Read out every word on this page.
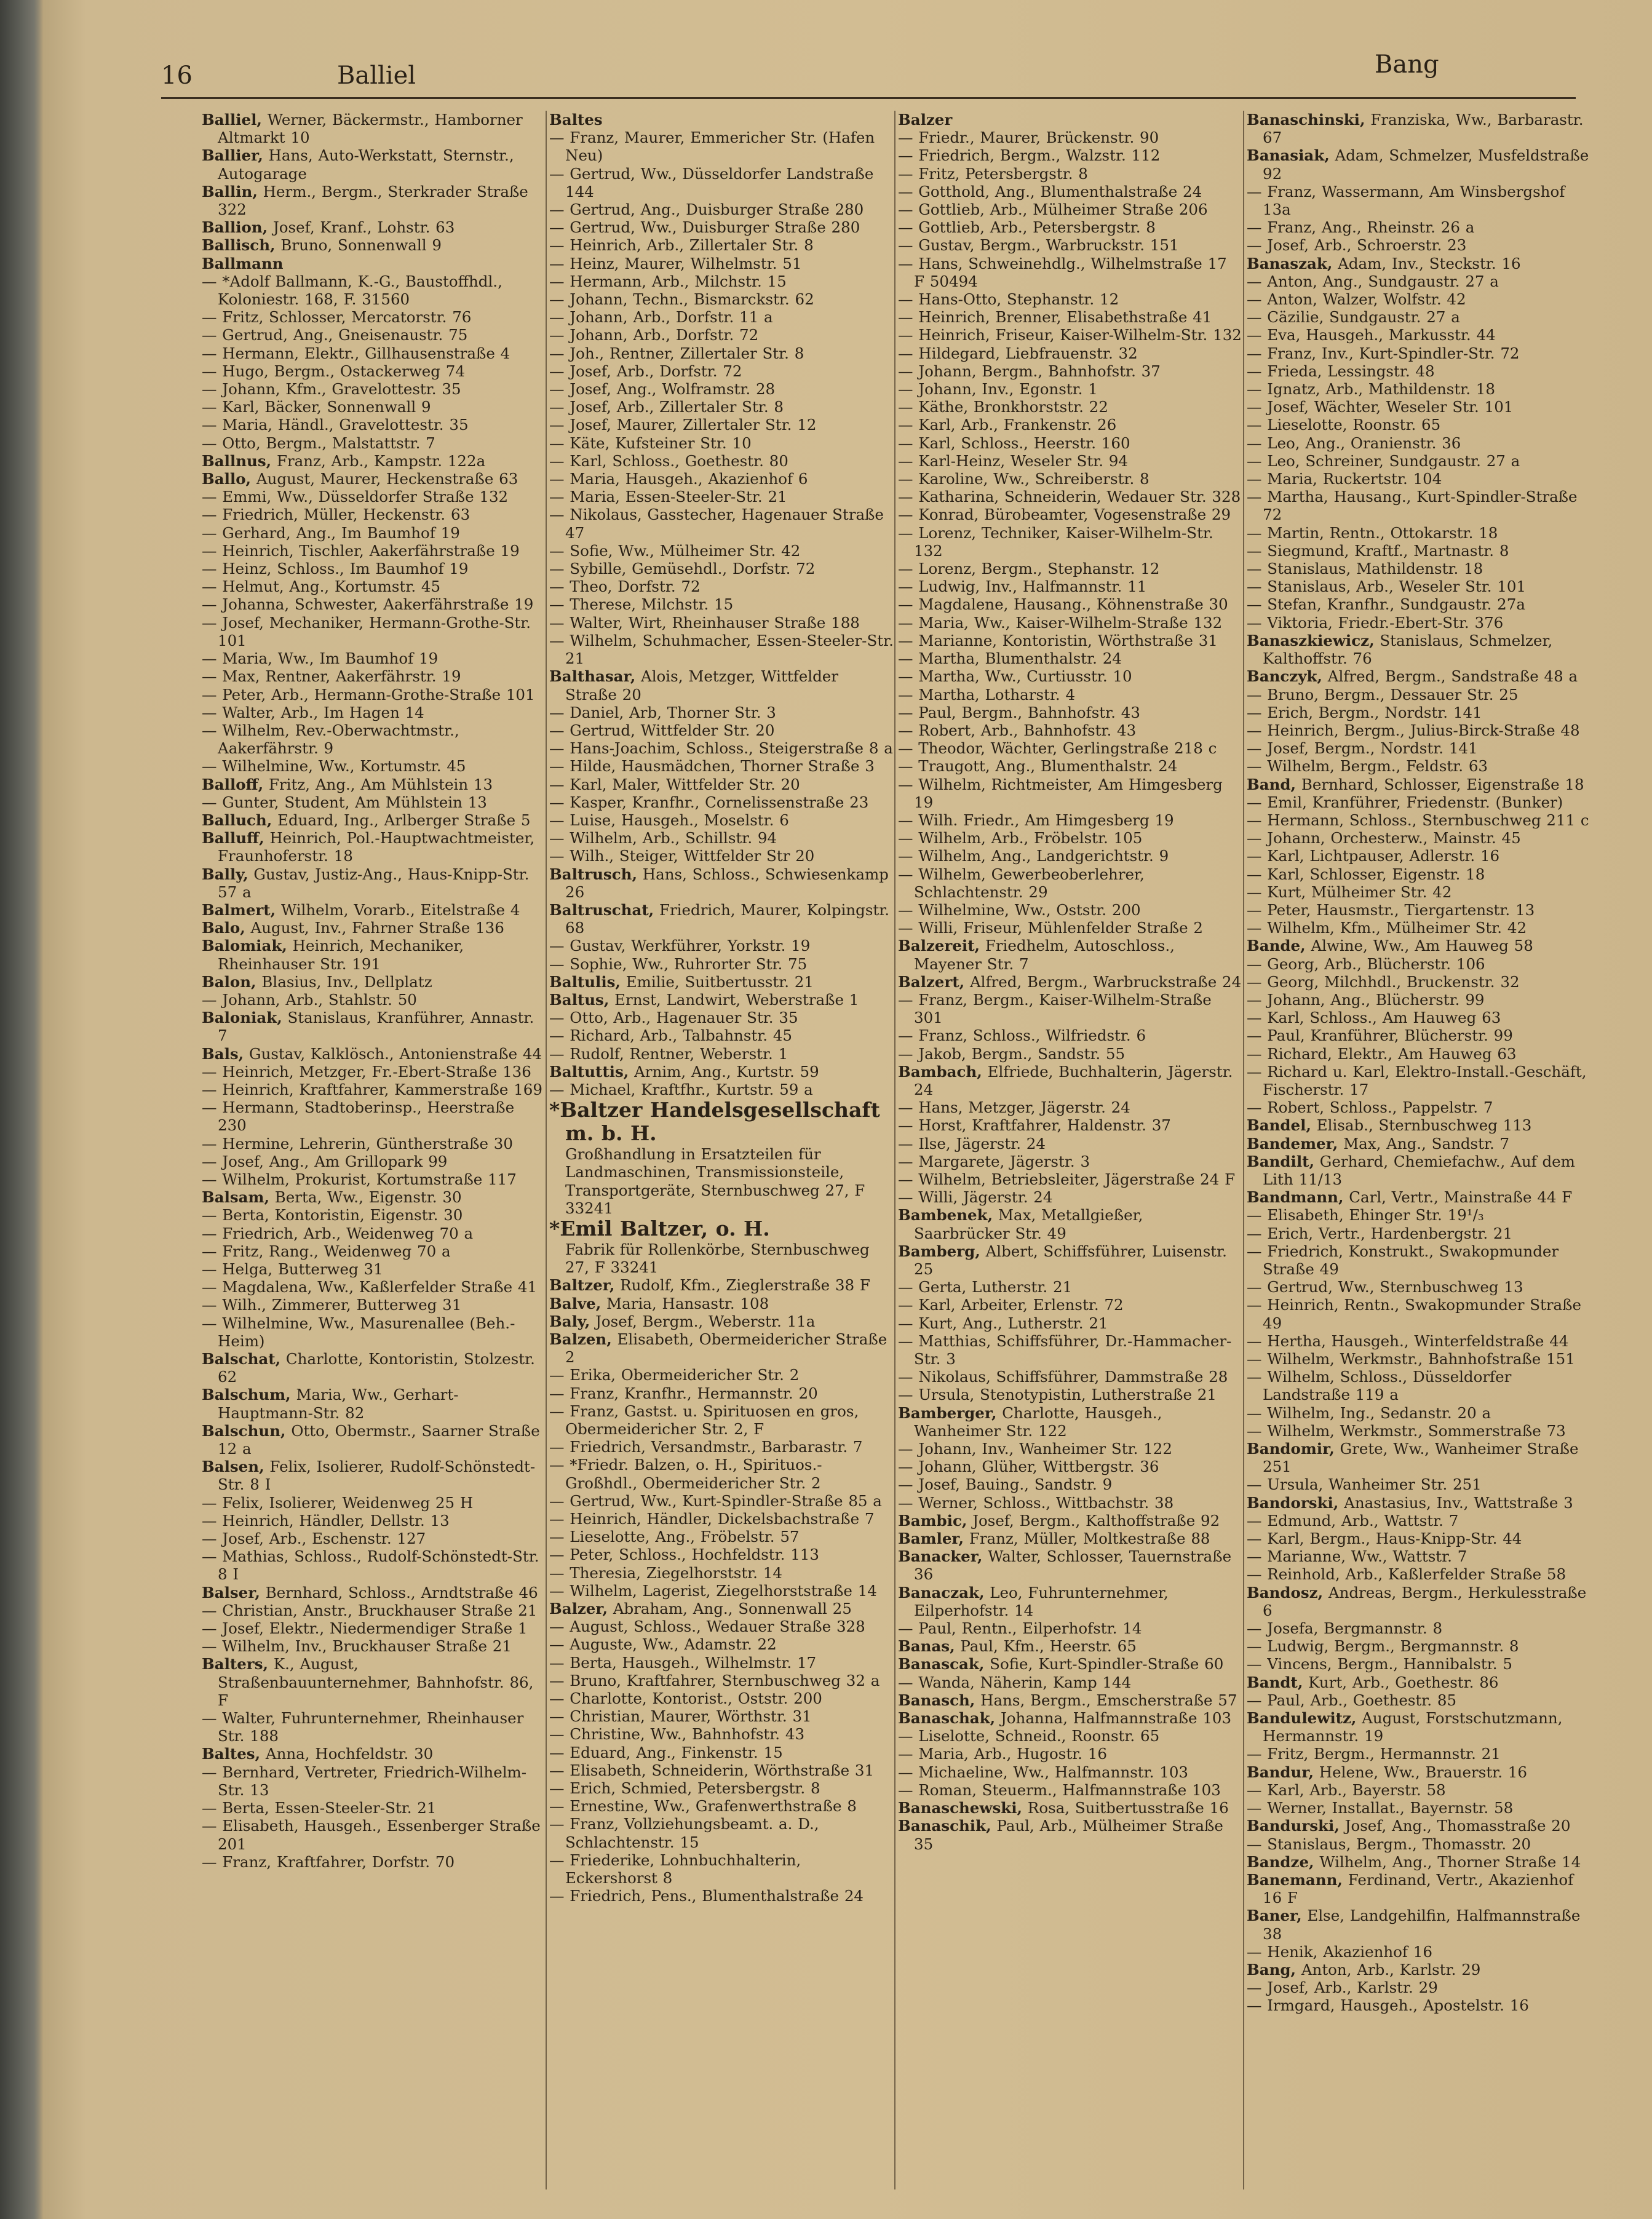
16	Balliel	Bang

Balliel, Werner, Bäckermstr., Hamborner Altmarkt 10

Ballier, Hans, Auto-Werkstatt, Sternstr., Autogarage

Ballin, Herm., Bergm., Sterkrader Straße 322

Ballion, Josef, Kranf., Lohstr. 63

Ballisch, Bruno, Sonnenwall 9

Ballmann

— *Adolf Ballmann, K.-G., Baustoffhdl., Koloniestr. 168, F. 31560

— Fritz, Schlosser, Mercatorstr. 76

— Gertrud, Ang., Gneisenaustr. 75

— Hermann, Elektr., Gillhausenstraße 4

— Hugo, Bergm., Ostackerweg 74

— Johann, Kfm., Gravelottestr. 35

— Karl, Bäcker, Sonnenwall 9

— Maria, Händl., Gravelottestr. 35

— Otto, Bergm., Malstattstr. 7

Ballnus, Franz, Arb., Kampstr. 122a

Ballo, August, Maurer, Heckenstraße 63

— Emmi, Ww., Düsseldorfer Straße 132

— Friedrich, Müller, Heckenstr. 63

— Gerhard, Ang., Im Baumhof 19

— Heinrich, Tischler, Aakerfährstraße 19

— Heinz, Schloss., Im Baumhof 19

— Helmut, Ang., Kortumstr. 45

— Johanna, Schwester, Aakerfährstraße 19

— Josef, Mechaniker, Hermann-Grothe-Str. 101

— Maria, Ww., Im Baumhof 19

— Max, Rentner, Aakerfährstr. 19

— Peter, Arb., Hermann-Grothe-Straße 101

— Walter, Arb., Im Hagen 14

— Wilhelm, Rev.-Oberwachtmstr., Aakerfährstr. 9

— Wilhelmine, Ww., Kortumstr. 45

Balloff, Fritz, Ang., Am Mühlstein 13

— Gunter, Student, Am Mühlstein 13

Balluch, Eduard, Ing., Arlberger Straße 5

Balluff, Heinrich, Pol.-Hauptwachtmeister, Fraunhoferstr. 18

Bally, Gustav, Justiz-Ang., Haus-Knipp-Str. 57 a

Balmert, Wilhelm, Vorarb., Eitelstraße 4

Balo, August, Inv., Fahrner Straße 136

Balomiak, Heinrich, Mechaniker, Rheinhauser Str. 191

Balon, Blasius, Inv., Dellplatz

— Johann, Arb., Stahlstr. 50

Baloniak, Stanislaus, Kranführer, Annastr. 7

Bals, Gustav, Kalklösch., Antonienstraße 44

— Heinrich, Metzger, Fr.-Ebert-Straße 136

— Heinrich, Kraftfahrer, Kammerstraße 169

— Hermann, Stadtoberinsp., Heerstraße 230

— Hermine, Lehrerin, Güntherstraße 30

— Josef, Ang., Am Grillopark 99

— Wilhelm, Prokurist, Kortumstraße 117

Balsam, Berta, Ww., Eigenstr. 30

— Berta, Kontoristin, Eigenstr. 30

— Friedrich, Arb., Weidenweg 70 a

— Fritz, Rang., Weidenweg 70 a

— Helga, Butterweg 31

— Magdalena, Ww., Kaßlerfelder Straße 41

— Wilh., Zimmerer, Butterweg 31

— Wilhelmine, Ww., Masurenallee (Beh.-Heim)

Balschat, Charlotte, Kontoristin, Stolzestr. 62

Balschum, Maria, Ww., Gerhart-Hauptmann-Str. 82

Balschun, Otto, Obermstr., Saarner Straße 12 a

Balsen, Felix, Isolierer, Rudolf-Schönstedt-Str. 8 I

— Felix, Isolierer, Weidenweg 25 H

— Heinrich, Händler, Dellstr. 13

— Josef, Arb., Eschenstr. 127

— Mathias, Schloss., Rudolf-Schönstedt-Str. 8 I

Balser, Bernhard, Schloss., Arndtstraße 46

— Christian, Anstr., Bruckhauser Straße 21

— Josef, Elektr., Niedermendiger Straße 1

— Wilhelm, Inv., Bruckhauser Straße 21

Balters, K., August, Straßenbauunternehmer, Bahnhofstr. 86, F

— Walter, Fuhrunternehmer, Rheinhauser Str. 188

Baltes, Anna, Hochfeldstr. 30

— Bernhard, Vertreter, Friedrich-Wilhelm-Str. 13

— Berta, Essen-Steeler-Str. 21

— Elisabeth, Hausgeh., Essenberger Straße 201

— Franz, Kraftfahrer, Dorfstr. 70

Baltes

— Franz, Maurer, Emmericher Str. (Hafen Neu)

— Gertrud, Ww., Düsseldorfer Landstraße 144

— Gertrud, Ang., Duisburger Straße 280

— Gertrud, Ww., Duisburger Straße 280

— Heinrich, Arb., Zillertaler Str. 8

— Heinz, Maurer, Wilhelmstr. 51

— Hermann, Arb., Milchstr. 15

— Johann, Techn., Bismarckstr. 62

— Johann, Arb., Dorfstr. 11 a

— Johann, Arb., Dorfstr. 72

— Joh., Rentner, Zillertaler Str. 8

— Josef, Arb., Dorfstr. 72

— Josef, Ang., Wolframstr. 28

— Josef, Arb., Zillertaler Str. 8

— Josef, Maurer, Zillertaler Str. 12

— Käte, Kufsteiner Str. 10

— Karl, Schloss., Goethestr. 80

— Maria, Hausgeh., Akazienhof 6

— Maria, Essen-Steeler-Str. 21

— Nikolaus, Gasstecher, Hagenauer Straße 47

— Sofie, Ww., Mülheimer Str. 42

— Sybille, Gemüsehdl., Dorfstr. 72

— Theo, Dorfstr. 72

— Therese, Milchstr. 15

— Walter, Wirt, Rheinhauser Straße 188

— Wilhelm, Schuhmacher, Essen-Steeler-Str. 21

Balthasar, Alois, Metzger, Wittfelder Straße 20

— Daniel, Arb, Thorner Str. 3

— Gertrud, Wittfelder Str. 20

— Hans-Joachim, Schloss., Steigerstraße 8 a

— Hilde, Hausmädchen, Thorner Straße 3

— Karl, Maler, Wittfelder Str. 20

— Kasper, Kranfhr., Cornelissenstraße 23

— Luise, Hausgeh., Moselstr. 6

— Wilhelm, Arb., Schillstr. 94

— Wilh., Steiger, Wittfelder Str 20

Baltrusch, Hans, Schloss., Schwiesenkamp 26

Baltruschat, Friedrich, Maurer, Kolpingstr. 68

— Gustav, Werkführer, Yorkstr. 19

— Sophie, Ww., Ruhrorter Str. 75

Baltulis, Emilie, Suitbertusstr. 21

Baltus, Ernst, Landwirt, Weberstraße 1

— Otto, Arb., Hagenauer Str. 35

— Richard, Arb., Talbahnstr. 45

— Rudolf, Rentner, Weberstr. 1

Baltuttis, Arnim, Ang., Kurtstr. 59

— Michael, Kraftfhr., Kurtstr. 59 a

*Baltzer Handelsgesellschaft m. b. H.

Großhandlung in Ersatzteilen für Landmaschinen, Transmissionsteile, Transportgeräte, Sternbuschweg 27, F 33241

*Emil Baltzer, o. H.

Fabrik für Rollenkörbe, Sternbuschweg 27, F 33241

Baltzer, Rudolf, Kfm., Zieglerstraße 38 F

Balve, Maria, Hansastr. 108

Baly, Josef, Bergm., Weberstr. 11a

Balzen, Elisabeth, Obermeidericher Straße 2

— Erika, Obermeidericher Str. 2

— Franz, Kranfhr., Hermannstr. 20

— Franz, Gastst. u. Spirituosen en gros, Obermeidericher Str. 2, F

— Friedrich, Versandmstr., Barbarastr. 7

— *Friedr. Balzen, o. H., Spirituos.-Großhdl., Obermeidericher Str. 2

— Gertrud, Ww., Kurt-Spindler-Straße 85 a

— Heinrich, Händler, Dickelsbachstraße 7

— Lieselotte, Ang., Fröbelstr. 57

— Peter, Schloss., Hochfeldstr. 113

— Theresia, Ziegelhorststr. 14

— Wilhelm, Lagerist, Ziegelhorststraße 14

Balzer, Abraham, Ang., Sonnenwall 25

— August, Schloss., Wedauer Straße 328

— Auguste, Ww., Adamstr. 22

— Berta, Hausgeh., Wilhelmstr. 17

— Bruno, Kraftfahrer, Sternbuschweg 32 a

— Charlotte, Kontorist., Oststr. 200

— Christian, Maurer, Wörthstr. 31

— Christine, Ww., Bahnhofstr. 43

— Eduard, Ang., Finkenstr. 15

— Elisabeth, Schneiderin, Wörthstraße 31

— Erich, Schmied, Petersbergstr. 8

— Ernestine, Ww., Grafenwerthstraße 8

— Franz, Vollziehungsbeamt. a. D., Schlachtenstr. 15

— Friederike, Lohnbuchhalterin, Eckershorst 8

— Friedrich, Pens., Blumenthalstraße 24

Balzer

— Friedr., Maurer, Brückenstr. 90

— Friedrich, Bergm., Walzstr. 112

— Fritz, Petersbergstr. 8

— Gotthold, Ang., Blumenthalstraße 24

— Gottlieb, Arb., Mülheimer Straße 206

— Gottlieb, Arb., Petersbergstr. 8

— Gustav, Bergm., Warbruckstr. 151

— Hans, Schweinehdlg., Wilhelmstraße 17 F 50494

— Hans-Otto, Stephanstr. 12

— Heinrich, Brenner, Elisabethstraße 41

— Heinrich, Friseur, Kaiser-Wilhelm-Str. 132

— Hildegard, Liebfrauenstr. 32

— Johann, Bergm., Bahnhofstr. 37

— Johann, Inv., Egonstr. 1

— Käthe, Bronkhorststr. 22

— Karl, Arb., Frankenstr. 26

— Karl, Schloss., Heerstr. 160

— Karl-Heinz, Weseler Str. 94

— Karoline, Ww., Schreiberstr. 8

— Katharina, Schneiderin, Wedauer Str. 328

— Konrad, Bürobeamter, Vogesenstraße 29

— Lorenz, Techniker, Kaiser-Wilhelm-Str. 132

— Lorenz, Bergm., Stephanstr. 12

— Ludwig, Inv., Halfmannstr. 11

— Magdalene, Hausang., Köhnenstraße 30

— Maria, Ww., Kaiser-Wilhelm-Straße 132

— Marianne, Kontoristin, Wörthstraße 31

— Martha, Blumenthalstr. 24

— Martha, Ww., Curtiusstr. 10

— Martha, Lotharstr. 4

— Paul, Bergm., Bahnhofstr. 43

— Robert, Arb., Bahnhofstr. 43

— Theodor, Wächter, Gerlingstraße 218 c

— Traugott, Ang., Blumenthalstr. 24

— Wilhelm, Richtmeister, Am Himgesberg 19

— Wilh. Friedr., Am Himgesberg 19

— Wilhelm, Arb., Fröbelstr. 105

— Wilhelm, Ang., Landgerichtstr. 9

— Wilhelm, Gewerbeoberlehrer, Schlachtenstr. 29

— Wilhelmine, Ww., Oststr. 200

— Willi, Friseur, Mühlenfelder Straße 2

Balzereit, Friedhelm, Autoschloss., Mayener Str. 7

Balzert, Alfred, Bergm., Warbruckstraße 24

— Franz, Bergm., Kaiser-Wilhelm-Straße 301

— Franz, Schloss., Wilfriedstr. 6

— Jakob, Bergm., Sandstr. 55

Bambach, Elfriede, Buchhalterin, Jägerstr. 24

— Hans, Metzger, Jägerstr. 24

— Horst, Kraftfahrer, Haldenstr. 37

— Ilse, Jägerstr. 24

— Margarete, Jägerstr. 3

— Wilhelm, Betriebsleiter, Jägerstraße 24 F

— Willi, Jägerstr. 24

Bambenek, Max, Metallgießer, Saarbrücker Str. 49

Bamberg, Albert, Schiffsführer, Luisenstr. 25

— Gerta, Lutherstr. 21

— Karl, Arbeiter, Erlenstr. 72

— Kurt, Ang., Lutherstr. 21

— Matthias, Schiffsführer, Dr.-Hammacher-Str. 3

— Nikolaus, Schiffsführer, Dammstraße 28

— Ursula, Stenotypistin, Lutherstraße 21

Bamberger, Charlotte, Hausgeh., Wanheimer Str. 122

— Johann, Inv., Wanheimer Str. 122

— Johann, Glüher, Wittbergstr. 36

— Josef, Bauing., Sandstr. 9

— Werner, Schloss., Wittbachstr. 38

Bambic, Josef, Bergm., Kalthoffstraße 92

Bamler, Franz, Müller, Moltkestraße 88

Banacker, Walter, Schlosser, Tauernstraße 36

Banaczak, Leo, Fuhrunternehmer, Eilperhofstr. 14

— Paul, Rentn., Eilperhofstr. 14

Banas, Paul, Kfm., Heerstr. 65

Banascak, Sofie, Kurt-Spindler-Straße 60

— Wanda, Näherin, Kamp 144

Banasch, Hans, Bergm., Emscherstraße 57

Banaschak, Johanna, Halfmannstraße 103

— Liselotte, Schneid., Roonstr. 65

— Maria, Arb., Hugostr. 16

— Michaeline, Ww., Halfmannstr. 103

— Roman, Steuerm., Halfmannstraße 103

Banaschewski, Rosa, Suitbertusstraße 16

Banaschik, Paul, Arb., Mülheimer Straße 35

Banaschinski, Franziska, Ww., Barbarastr. 67

Banasiak, Adam, Schmelzer, Musfeldstraße 92

— Franz, Wassermann, Am Winsbergshof 13a

— Franz, Ang., Rheinstr. 26 a

— Josef, Arb., Schroerstr. 23

Banaszak, Adam, Inv., Steckstr. 16

— Anton, Ang., Sundgaustr. 27 a

— Anton, Walzer, Wolfstr. 42

— Cäzilie, Sundgaustr. 27 a

— Eva, Hausgeh., Markusstr. 44

— Franz, Inv., Kurt-Spindler-Str. 72

— Frieda, Lessingstr. 48

— Ignatz, Arb., Mathildenstr. 18

— Josef, Wächter, Weseler Str. 101

— Lieselotte, Roonstr. 65

— Leo, Ang., Oranienstr. 36

— Leo, Schreiner, Sundgaustr. 27 a

— Maria, Ruckertstr. 104

— Martha, Hausang., Kurt-Spindler-Straße 72

— Martin, Rentn., Ottokarstr. 18

— Siegmund, Kraftf., Martnastr. 8

— Stanislaus, Mathildenstr. 18

— Stanislaus, Arb., Weseler Str. 101

— Stefan, Kranfhr., Sundgaustr. 27a

— Viktoria, Friedr.-Ebert-Str. 376

Banaszkiewicz, Stanislaus, Schmelzer, Kalthoffstr. 76

Banczyk, Alfred, Bergm., Sandstraße 48 a

— Bruno, Bergm., Dessauer Str. 25

— Erich, Bergm., Nordstr. 141

— Heinrich, Bergm., Julius-Birck-Straße 48

— Josef, Bergm., Nordstr. 141

— Wilhelm, Bergm., Feldstr. 63

Band, Bernhard, Schlosser, Eigenstraße 18

— Emil, Kranführer, Friedenstr. (Bunker)

— Hermann, Schloss., Sternbuschweg 211 c

— Johann, Orchesterw., Mainstr. 45

— Karl, Lichtpauser, Adlerstr. 16

— Karl, Schlosser, Eigenstr. 18

— Kurt, Mülheimer Str. 42

— Peter, Hausmstr., Tiergartenstr. 13

— Wilhelm, Kfm., Mülheimer Str. 42

Bande, Alwine, Ww., Am Hauweg 58

— Georg, Arb., Blücherstr. 106

— Georg, Milchhdl., Bruckenstr. 32

— Johann, Ang., Blücherstr. 99

— Karl, Schloss., Am Hauweg 63

— Paul, Kranführer, Blücherstr. 99

— Richard, Elektr., Am Hauweg 63

— Richard u. Karl, Elektro-Install.-Geschäft, Fischerstr. 17

— Robert, Schloss., Pappelstr. 7

Bandel, Elisab., Sternbuschweg 113

Bandemer, Max, Ang., Sandstr. 7

Bandilt, Gerhard, Chemiefachw., Auf dem Lith 11/13

Bandmann, Carl, Vertr., Mainstraße 44 F

— Elisabeth, Ehinger Str. 19¹/₃

— Erich, Vertr., Hardenbergstr. 21

— Friedrich, Konstrukt., Swakopmunder Straße 49

— Gertrud, Ww., Sternbuschweg 13

— Heinrich, Rentn., Swakopmunder Straße 49

— Hertha, Hausgeh., Winterfeldstraße 44

— Wilhelm, Werkmstr., Bahnhofstraße 151

— Wilhelm, Schloss., Düsseldorfer Landstraße 119 a

— Wilhelm, Ing., Sedanstr. 20 a

— Wilhelm, Werkmstr., Sommerstraße 73

Bandomir, Grete, Ww., Wanheimer Straße 251

— Ursula, Wanheimer Str. 251

Bandorski, Anastasius, Inv., Wattstraße 3

— Edmund, Arb., Wattstr. 7

— Karl, Bergm., Haus-Knipp-Str. 44

— Marianne, Ww., Wattstr. 7

— Reinhold, Arb., Kaßlerfelder Straße 58

Bandosz, Andreas, Bergm., Herkulesstraße 6

— Josefa, Bergmannstr. 8

— Ludwig, Bergm., Bergmannstr. 8

— Vincens, Bergm., Hannibalstr. 5

Bandt, Kurt, Arb., Goethestr. 86

— Paul, Arb., Goethestr. 85

Bandulewitz, August, Forstschutzmann, Hermannstr. 19

— Fritz, Bergm., Hermannstr. 21

Bandur, Helene, Ww., Brauerstr. 16

— Karl, Arb., Bayerstr. 58

— Werner, Installat., Bayernstr. 58

Bandurski, Josef, Ang., Thomasstraße 20

— Stanislaus, Bergm., Thomasstr. 20

Bandze, Wilhelm, Ang., Thorner Straße 14

Banemann, Ferdinand, Vertr., Akazienhof 16 F

Baner, Else, Landgehilfin, Halfmannstraße 38

— Henik, Akazienhof 16

Bang, Anton, Arb., Karlstr. 29

— Josef, Arb., Karlstr. 29

— Irmgard, Hausgeh., Apostelstr. 16
